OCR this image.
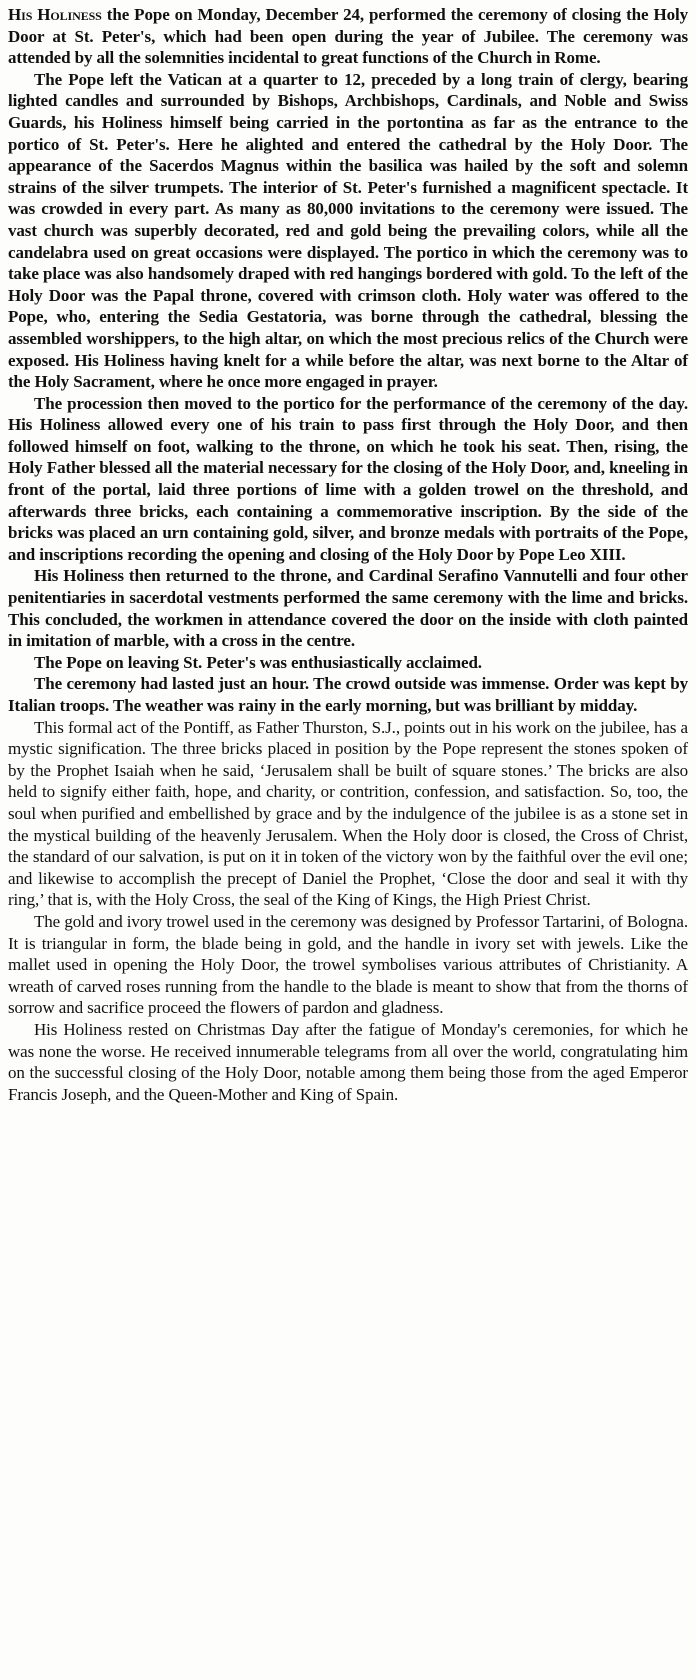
His Holiness the Pope on Monday, December 24, performed the ceremony of closing the Holy Door at St. Peter's, which had been open during the year of Jubilee. The ceremony was attended by all the solemnities incidental to great functions of the Church in Rome.

The Pope left the Vatican at a quarter to 12, preceded by a long train of clergy, bearing lighted candles and surrounded by Bishops, Archbishops, Cardinals, and Noble and Swiss Guards, his Holiness himself being carried in the portontina as far as the entrance to the portico of St. Peter's. Here he alighted and entered the cathedral by the Holy Door. The appearance of the Sacerdos Magnus within the basilica was hailed by the soft and solemn strains of the silver trumpets. The interior of St. Peter's furnished a magnificent spectacle. It was crowded in every part. As many as 80,000 invitations to the ceremony were issued. The vast church was superbly decorated, red and gold being the prevailing colors, while all the candelabra used on great occasions were displayed. The portico in which the ceremony was to take place was also handsomely draped with red hangings bordered with gold. To the left of the Holy Door was the Papal throne, covered with crimson cloth. Holy water was offered to the Pope, who, entering the Sedia Gestatoria, was borne through the cathedral, blessing the assembled worshippers, to the high altar, on which the most precious relics of the Church were exposed. His Holiness having knelt for a while before the altar, was next borne to the Altar of the Holy Sacrament, where he once more engaged in prayer.

The procession then moved to the portico for the performance of the ceremony of the day. His Holiness allowed every one of his train to pass first through the Holy Door, and then followed himself on foot, walking to the throne, on which he took his seat. Then, rising, the Holy Father blessed all the material necessary for the closing of the Holy Door, and, kneeling in front of the portal, laid three portions of lime with a golden trowel on the threshold, and afterwards three bricks, each containing a commemorative inscription. By the side of the bricks was placed an urn containing gold, silver, and bronze medals with portraits of the Pope, and inscriptions recording the opening and closing of the Holy Door by Pope Leo XIII.

His Holiness then returned to the throne, and Cardinal Serafino Vannutelli and four other penitentiaries in sacerdotal vestments performed the same ceremony with the lime and bricks. This concluded, the workmen in attendance covered the door on the inside with cloth painted in imitation of marble, with a cross in the centre.

The Pope on leaving St. Peter's was enthusiastically acclaimed.

The ceremony had lasted just an hour. The crowd outside was immense. Order was kept by Italian troops. The weather was rainy in the early morning, but was brilliant by midday.

This formal act of the Pontiff, as Father Thurston, S.J., points out in his work on the jubilee, has a mystic signification. The three bricks placed in position by the Pope represent the stones spoken of by the Prophet Isaiah when he said, ‘Jerusalem shall be built of square stones.’ The bricks are also held to signify either faith, hope, and charity, or contrition, confession, and satisfaction. So, too, the soul when purified and embellished by grace and by the indulgence of the jubilee is as a stone set in the mystical building of the heavenly Jerusalem. When the Holy door is closed, the Cross of Christ, the standard of our salvation, is put on it in token of the victory won by the faithful over the evil one; and likewise to accomplish the precept of Daniel the Prophet, ‘Close the door and seal it with thy ring,’ that is, with the Holy Cross, the seal of the King of Kings, the High Priest Christ.

The gold and ivory trowel used in the ceremony was designed by Professor Tartarini, of Bologna. It is triangular in form, the blade being in gold, and the handle in ivory set with jewels. Like the mallet used in opening the Holy Door, the trowel symbolises various attributes of Christianity. A wreath of carved roses running from the handle to the blade is meant to show that from the thorns of sorrow and sacrifice proceed the flowers of pardon and gladness.

His Holiness rested on Christmas Day after the fatigue of Monday's ceremonies, for which he was none the worse. He received innumerable telegrams from all over the world, congratulating him on the successful closing of the Holy Door, notable among them being those from the aged Emperor Francis Joseph, and the Queen-Mother and King of Spain.
